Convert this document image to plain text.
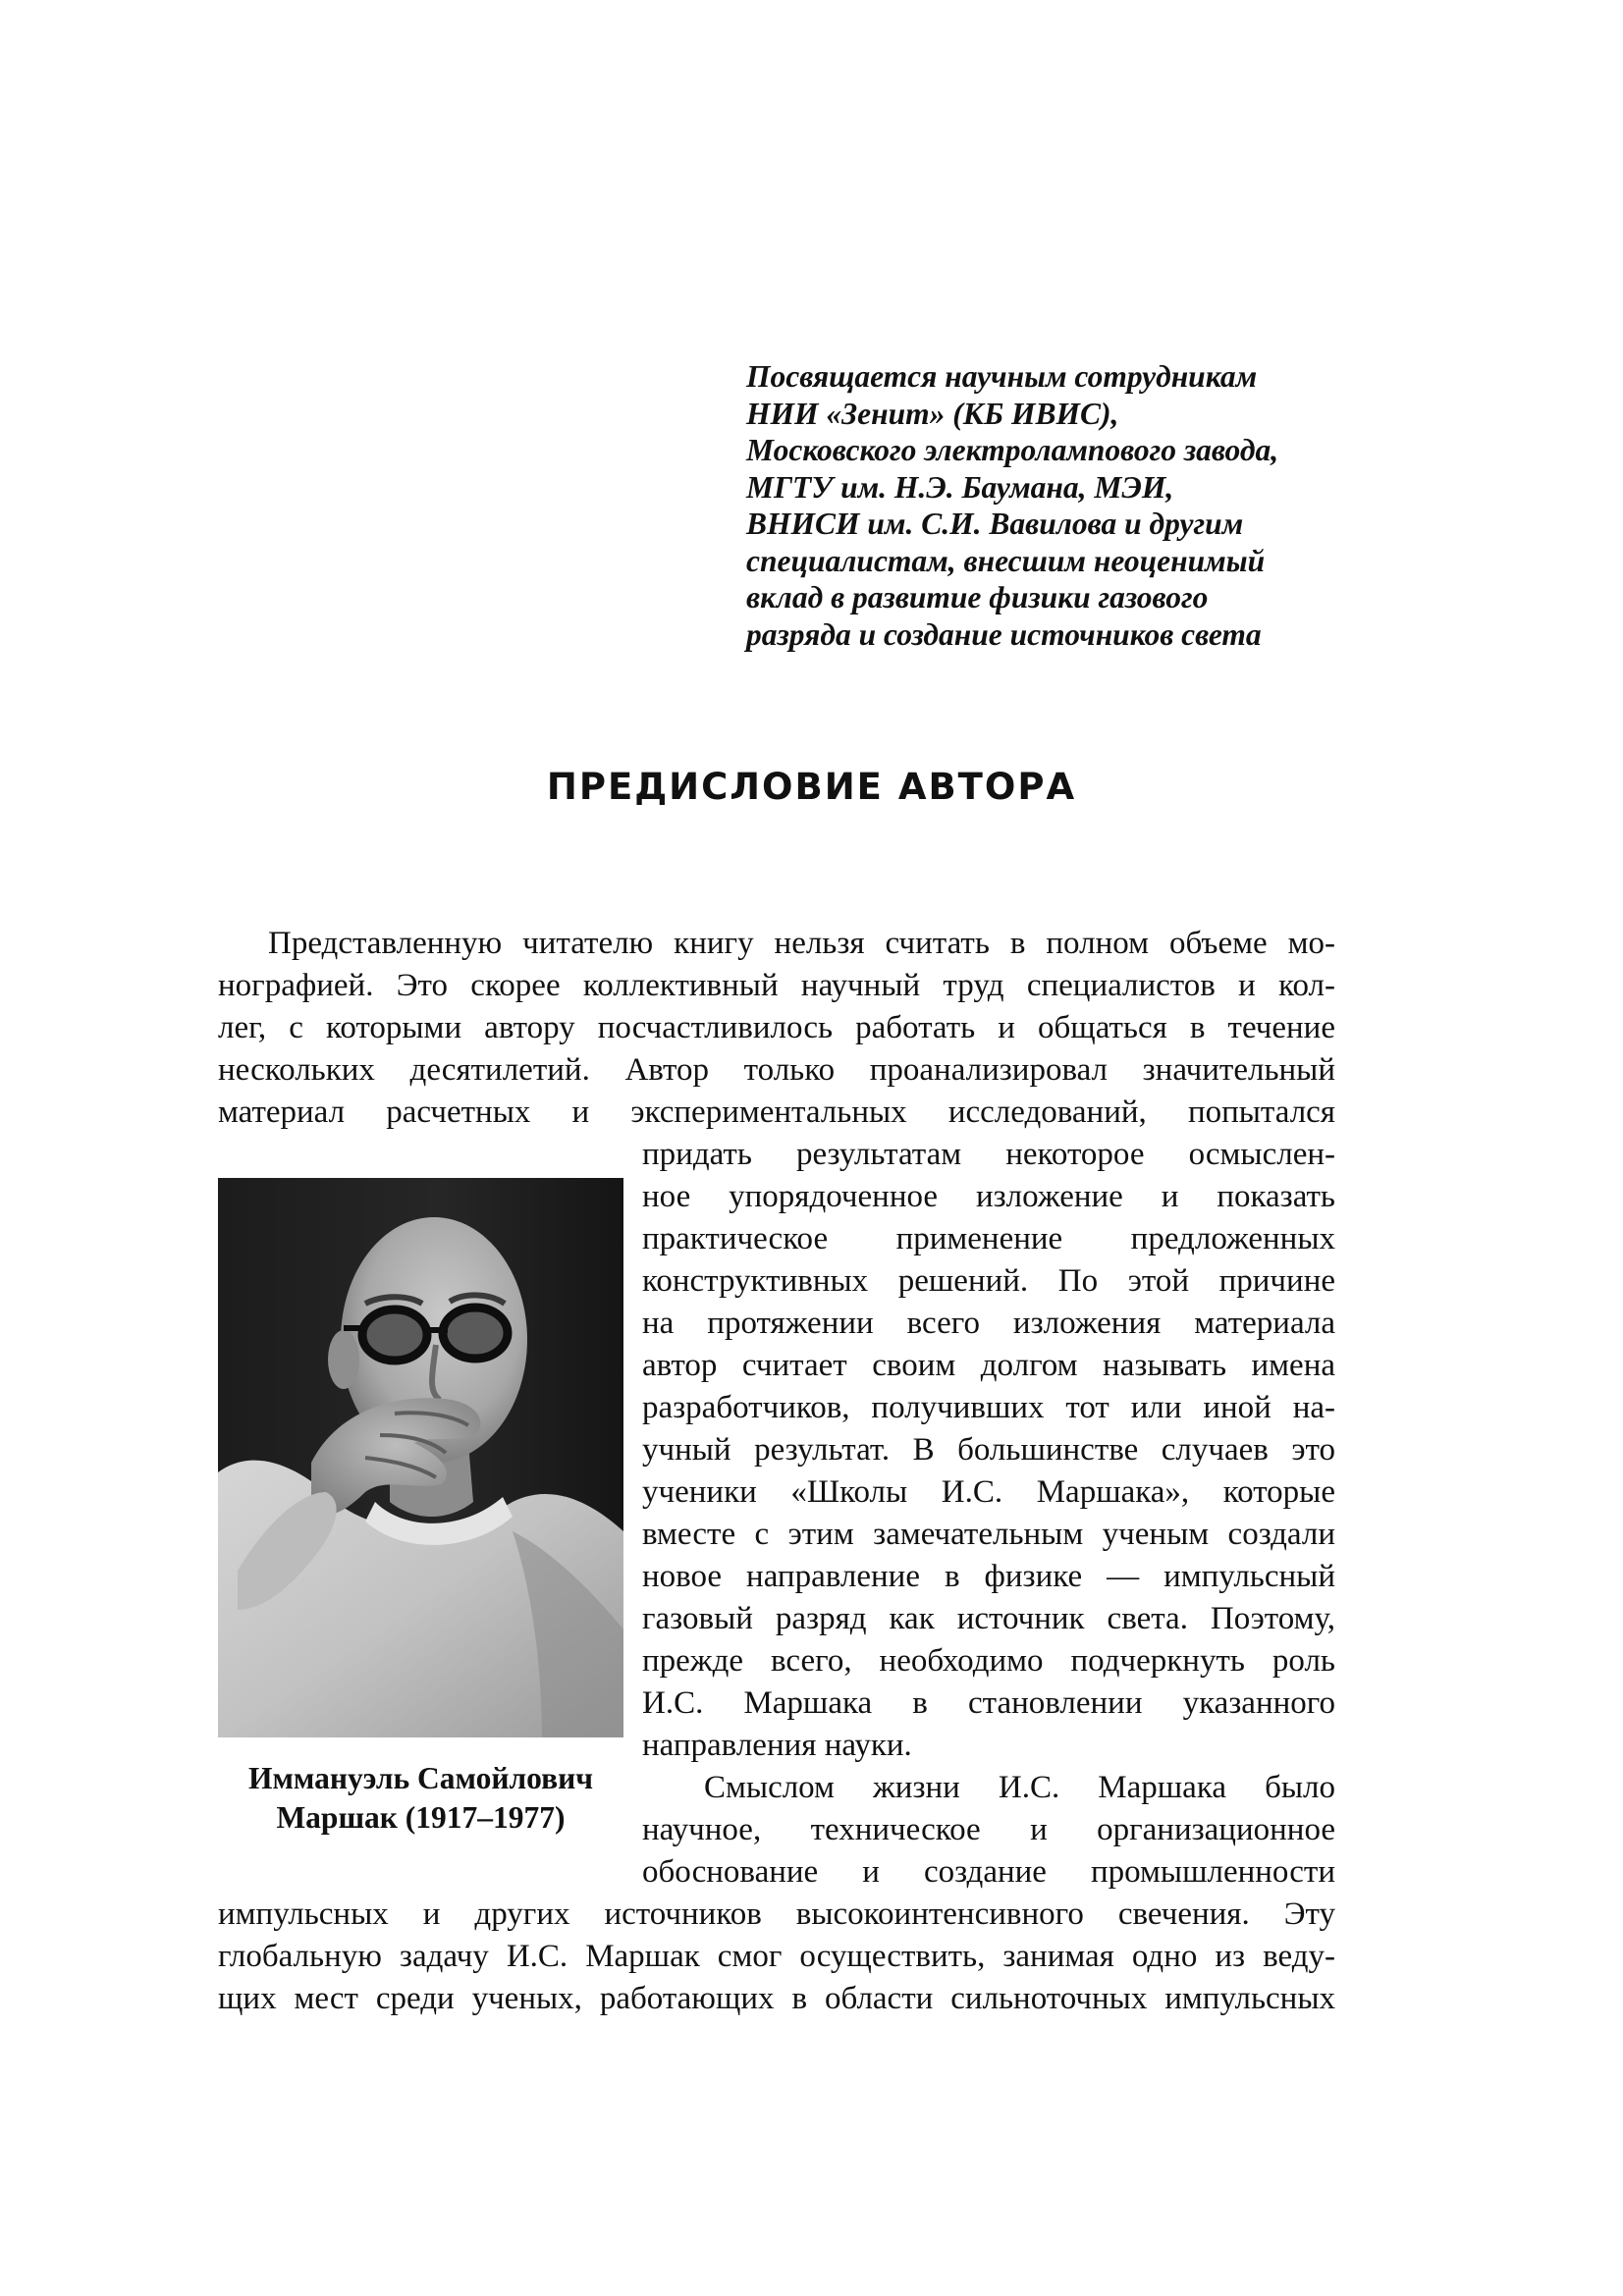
Посвящается научным сотрудникам
НИИ «Зенит» (КБ ИВИС),
Московского электролампового завода,
МГТУ им. Н.Э. Баумана, МЭИ,
ВНИСИ им. С.И. Вавилова и другим
специалистам, внесшим неоценимый
вклад в развитие физики газового
разряда и создание источников света
ПРЕДИСЛОВИЕ АВТОРА

Представленную читателю книгу нельзя считать в полном объеме мо-

нографией. Это скорее коллективный научный труд специалистов и кол-

лег, с которыми автору посчастливилось работать и общаться в течение

нескольких десятилетий. Автор только проанализировал значительный

материал расчетных и экспериментальных исследований, попытался

придать результатам некоторое осмыслен-

ное упорядоченное изложение и показать

практическое применение предложенных

конструктивных решений. По этой причине

на протяжении всего изложения материала

автор считает своим долгом называть имена

разработчиков, получивших тот или иной на-

учный результат. В большинстве случаев это

ученики «Школы И.С. Маршака», которые

вместе с этим замечательным ученым создали

новое направление в физике — импульсный

газовый разряд как источник света. Поэтому,

прежде всего, необходимо подчеркнуть роль

И.С. Маршака в становлении указанного

направления науки.

Смыслом жизни И.С. Маршака было

научное, техническое и организационное

обоснование и создание промышленности

импульсных и других источников высокоинтенсивного свечения. Эту

глобальную задачу И.С. Маршак смог осуществить, занимая одно из веду-

щих мест среди ученых, работающих в области сильноточных импульсных

Иммануэль Самойлович
Маршак (1917–1977)
